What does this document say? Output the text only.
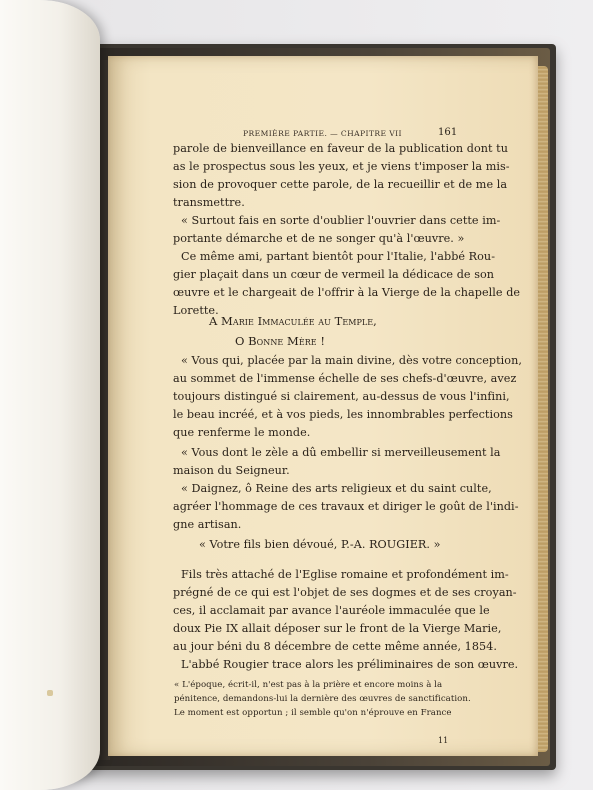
PREMIÈRE PARTIE. — CHAPITRE VII	161
parole de bienveillance en faveur de la publication dont tu
as le prospectus sous les yeux, et je viens t'imposer la mis-
sion de provoquer cette parole, de la recueillir et de me la
transmettre.
« Surtout fais en sorte d'oublier l'ouvrier dans cette im-
portante démarche et de ne songer qu'à l'œuvre. »
Ce même ami, partant bientôt pour l'Italie, l'abbé Rou-
gier plaçait dans un cœur de vermeil la dédicace de son
œuvre et le chargeait de l'offrir à la Vierge de la chapelle de
Lorette.
A Marie Immaculée au Temple,
O Bonne Mère !
« Vous qui, placée par la main divine, dès votre conception,
au sommet de l'immense échelle de ses chefs-d'œuvre, avez
toujours distingué si clairement, au-dessus de vous l'infini,
le beau incréé, et à vos pieds, les innombrables perfections
que renferme le monde.
« Vous dont le zèle a dû embellir si merveilleusement la
maison du Seigneur.
« Daignez, ô Reine des arts religieux et du saint culte,
agréer l'hommage de ces travaux et diriger le goût de l'indi-
gne artisan.
« Votre fils bien dévoué, P.-A. ROUGIER. »
Fils très attaché de l'Eglise romaine et profondément im-
prégné de ce qui est l'objet de ses dogmes et de ses croyan-
ces, il acclamait par avance l'auréole immaculée que le
doux Pie IX allait déposer sur le front de la Vierge Marie,
au jour béni du 8 décembre de cette même année, 1854.
L'abbé Rougier trace alors les préliminaires de son œuvre.
« L'époque, écrit-il, n'est pas à la prière et encore moins à la
pénitence, demandons-lui la dernière des œuvres de sanctification.
Le moment est opportun ; il semble qu'on n'éprouve en France
11
